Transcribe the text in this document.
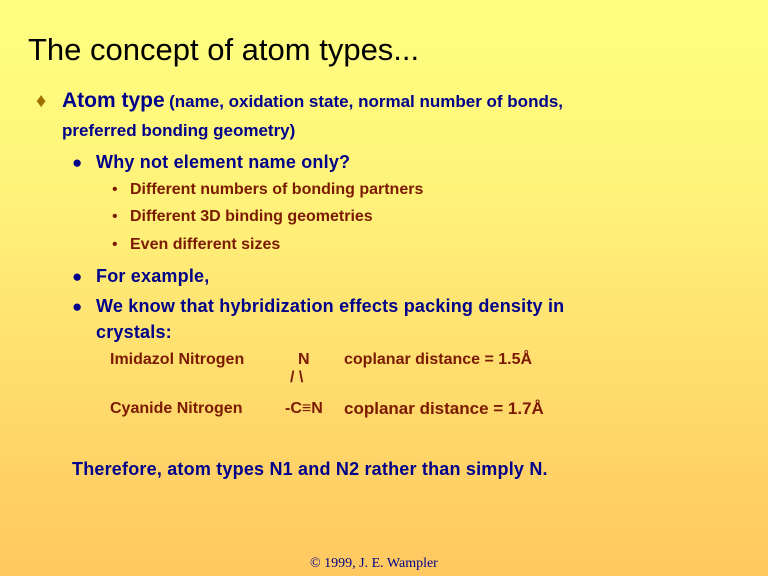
The concept of atom types...
♦ Atom type (name, oxidation state, normal number of bonds,
preferred bonding geometry)
● Why not element name only?
• Different numbers of bonding partners
• Different 3D binding geometries
• Even different sizes
● For example,
● We know that hybridization effects packing density in
crystals:
Imidazol Nitrogen	N
/ \
coplanar distance = 1.5Å
Cyanide Nitrogen	-C≡N coplanar distance = 1.7Å
Therefore, atom types N1 and N2 rather than simply N.
© 1999, J. E. Wampler
